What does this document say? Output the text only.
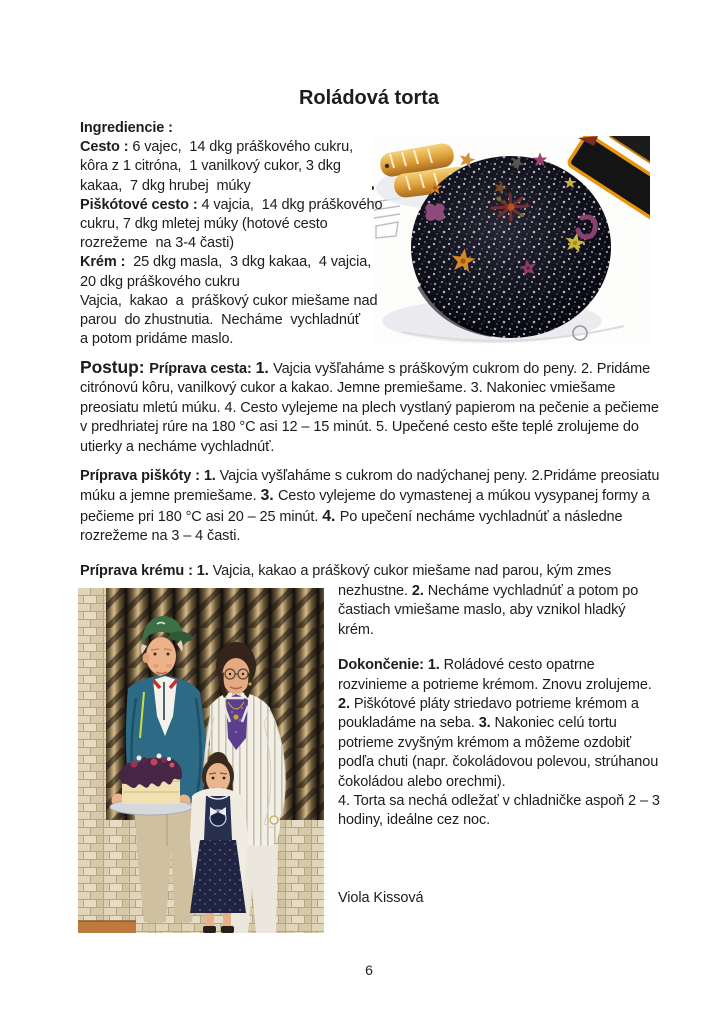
Roládová torta
Ingrediencie :
Cesto : 6 vajec,  14 dkg práškového cukru,
kôra z 1 citróna,  1 vanilkový cukor, 3 dkg
kakaa,  7 dkg hrubej  múky
Piškótové cesto : 4 vajcia,  14 dkg práškového
cukru, 7 dkg mletej múky (hotové cesto
rozrežeme  na 3-4 časti)
Krém :  25 dkg masla,  3 dkg kakaa,  4 vajcia,
20 dkg práškového cukru
Vajcia,  kakao  a  práškový cukor miešame nad
parou  do zhustnutia.  Necháme  vychladnúť
a potom pridáme maslo.

Postup: Príprava cesta: 1. Vajcia vyšľaháme s práškovým cukrom do peny. 2. Pridáme citrónovú kôru, vanilkový cukor a kakao. Jemne premiešame. 3. Nakoniec vmiešame preosiatu mletú múku. 4. Cesto vylejeme na plech vystlaný papierom na pečenie a pečieme v predhriatej rúre na 180 °C asi 12 – 15 minút. 5. Upečené cesto ešte teplé zrolujeme do utierky a necháme vychladnúť.

Príprava piškóty : 1. Vajcia vyšľaháme s cukrom do nadýchanej peny. 2.Pridáme preosiatu múku a jemne premiešame. 3. Cesto vylejeme do vymastenej a múkou vysypanej formy a pečieme pri 180 °C asi 20 – 25 minút. 4. Po upečení necháme vychladnúť a následne rozrežeme na 3 – 4 časti.

Príprava krému : 1. Vajcia, kakao a práškový cukor miešame nad parou, kým zmes

nezhustne. 2. Necháme vychladnúť a potom po častiach vmiešame maslo, aby vznikol hladký krém.

Dokončenie: 1. Roládové cesto opatrne rozvinieme a potrieme krémom. Znovu zrolujeme. 2. Piškótové pláty striedavo potrieme krémom a poukladáme na seba. 3. Nakoniec celú tortu potrieme zvyšným krémom a môžeme ozdobiť podľa chuti (napr. čokoládovou polevou, strúhanou čokoládou alebo orechmi).

4. Torta sa nechá odležať v chladničke aspoň 2 – 3 hodiny, ideálne cez noc.

Viola Kissová
6
